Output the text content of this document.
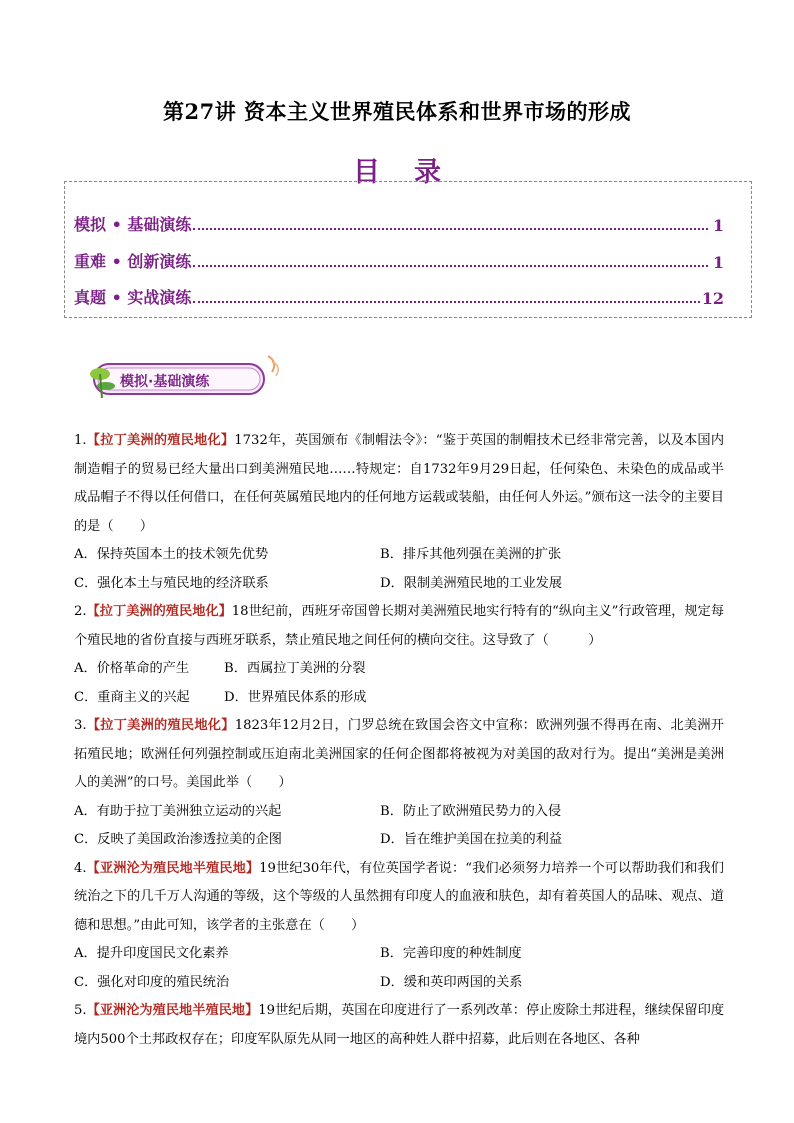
第27讲 资本主义世界殖民体系和世界市场的形成
目录
模拟 • 基础演练	1
重难 • 创新演练	1
真题 • 实战演练	12
模拟·基础演练

1.【拉丁美洲的殖民地化】1732年，英国颁布《制帽法令》：“鉴于英国的制帽技术已经非常完善，以及本国内制造帽子的贸易已经大量出口到美洲殖民地……特规定：自1732年9月29日起，任何染色、未染色的成品或半成品帽子不得以任何借口，在任何英属殖民地内的任何地方运载或装船，由任何人外运。”颁布这一法令的主要目的是（　　）

A．保持英国本土的技术领先优势	B．排斥其他列强在美洲的扩张
C．强化本土与殖民地的经济联系	D．限制美洲殖民地的工业发展

2.【拉丁美洲的殖民地化】18世纪前，西班牙帝国曾长期对美洲殖民地实行特有的“纵向主义”行政管理，规定每个殖民地的省份直接与西班牙联系，禁止殖民地之间任何的横向交往。这导致了（　　　）

A．价格革命的产生	B．西属拉丁美洲的分裂
C．重商主义的兴起	D．世界殖民体系的形成

3.【拉丁美洲的殖民地化】1823年12月2日，门罗总统在致国会咨文中宣称：欧洲列强不得再在南、北美洲开拓殖民地；欧洲任何列强控制或压迫南北美洲国家的任何企图都将被视为对美国的敌对行为。提出“美洲是美洲人的美洲”的口号。美国此举（　　）

A．有助于拉丁美洲独立运动的兴起	B．防止了欧洲殖民势力的入侵
C．反映了美国政治渗透拉美的企图	D．旨在维护美国在拉美的利益

4.【亚洲沦为殖民地半殖民地】19世纪30年代，有位英国学者说：“我们必须努力培养一个可以帮助我们和我们统治之下的几千万人沟通的等级，这个等级的人虽然拥有印度人的血液和肤色，却有着英国人的品味、观点、道德和思想。”由此可知，该学者的主张意在（　　）

A．提升印度国民文化素养	B．完善印度的种姓制度
C．强化对印度的殖民统治	D．缓和英印两国的关系

5.【亚洲沦为殖民地半殖民地】19世纪后期，英国在印度进行了一系列改革：停止废除土邦进程，继续保留印度境内500个土邦政权存在；印度军队原先从同一地区的高种姓人群中招募，此后则在各地区、各种
